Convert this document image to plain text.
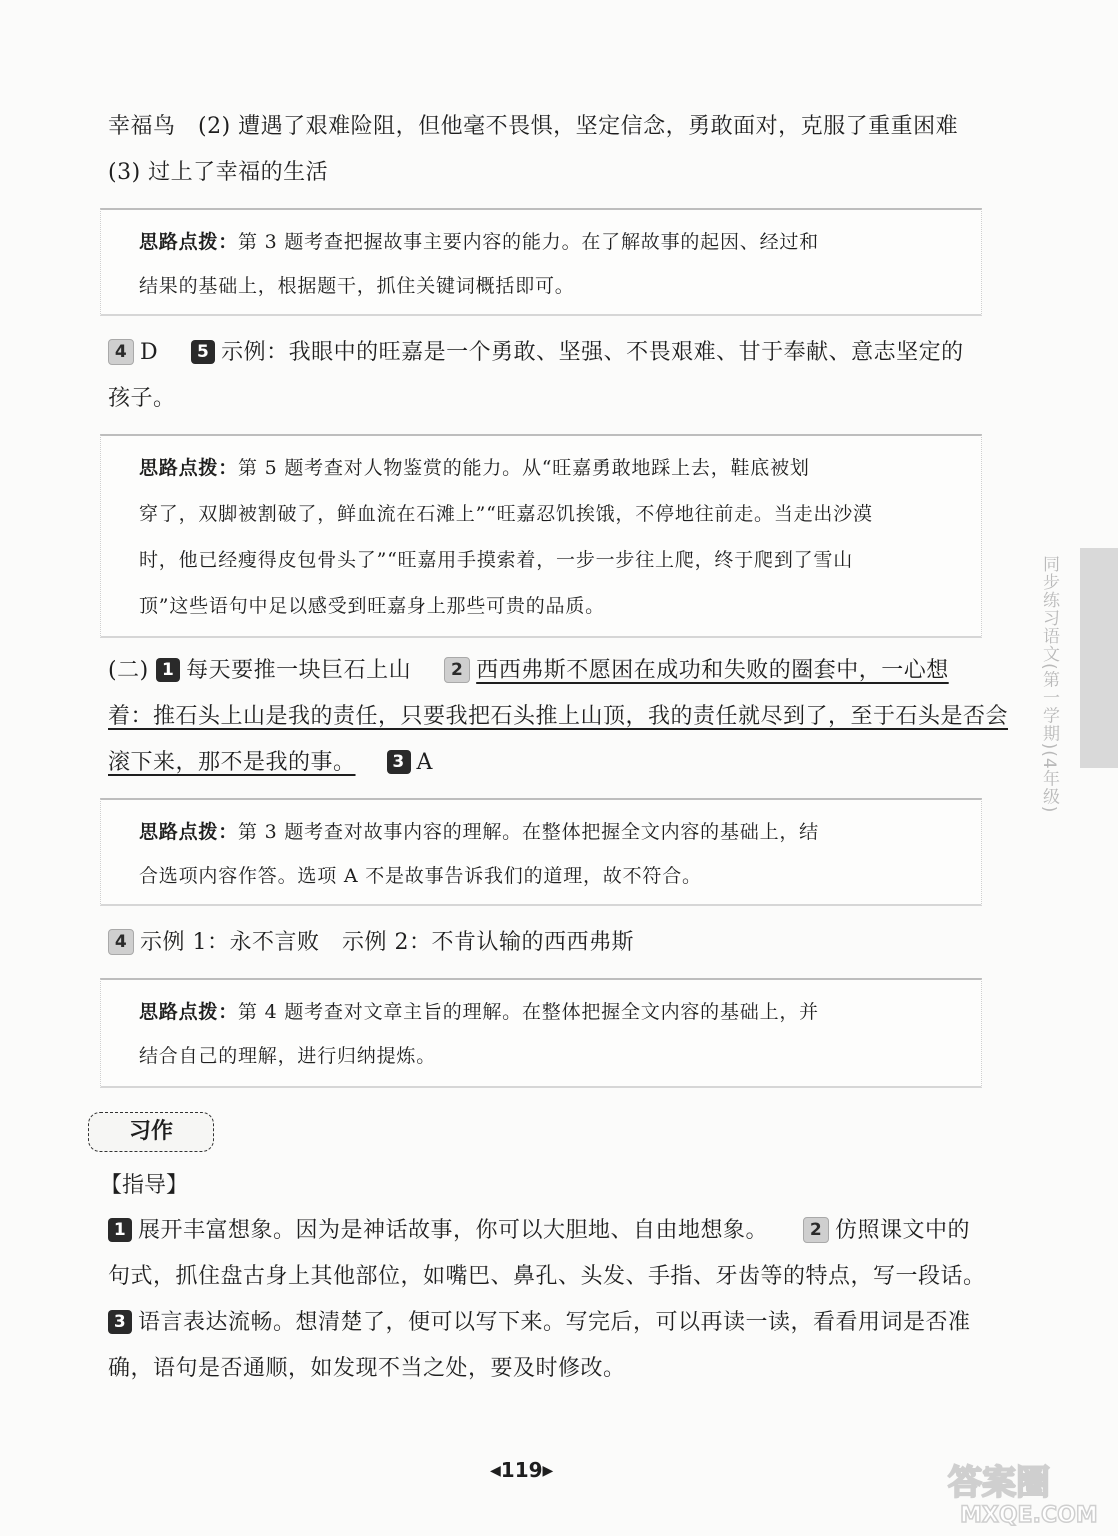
幸福鸟　(2) 遭遇了艰难险阻，但他毫不畏惧，坚定信念，勇敢面对，克服了重重困难
(3) 过上了幸福的生活
思路点拨：第 3 题考查把握故事主要内容的能力。在了解故事的起因、经过和
结果的基础上，根据题干，抓住关键词概括即可。
4 D 5 示例：我眼中的旺嘉是一个勇敢、坚强、不畏艰难、甘于奉献、意志坚定的
孩子。
思路点拨：第 5 题考查对人物鉴赏的能力。从“旺嘉勇敢地踩上去，鞋底被划
穿了，双脚被割破了，鲜血流在石滩上”“旺嘉忍饥挨饿，不停地往前走。当走出沙漠
时，他已经瘦得皮包骨头了”“旺嘉用手摸索着，一步一步往上爬，终于爬到了雪山
顶”这些语句中足以感受到旺嘉身上那些可贵的品质。
(二) 1 每天要推一块巨石上山 2 西西弗斯不愿困在成功和失败的圈套中，一心想
着：推石头上山是我的责任，只要我把石头推上山顶，我的责任就尽到了，至于石头是否会
滚下来，那不是我的事。 3 A
思路点拨：第 3 题考查对故事内容的理解。在整体把握全文内容的基础上，结
合选项内容作答。选项 A 不是故事告诉我们的道理，故不符合。
4 示例 1：永不言败　示例 2：不肯认输的西西弗斯
思路点拨：第 4 题考查对文章主旨的理解。在整体把握全文内容的基础上，并
结合自己的理解，进行归纳提炼。
习作
【指导】
1 展开丰富想象。因为是神话故事，你可以大胆地、自由地想象。 2 仿照课文中的
句式，抓住盘古身上其他部位，如嘴巴、鼻孔、头发、手指、牙齿等的特点，写一段话。
3 语言表达流畅。想清楚了，便可以写下来。写完后，可以再读一读，看看用词是否准
确，语句是否通顺，如发现不当之处，要及时修改。
同步练习语文(第一学期)(4年级)
◀119▶	答案圈
MXQE.COM
